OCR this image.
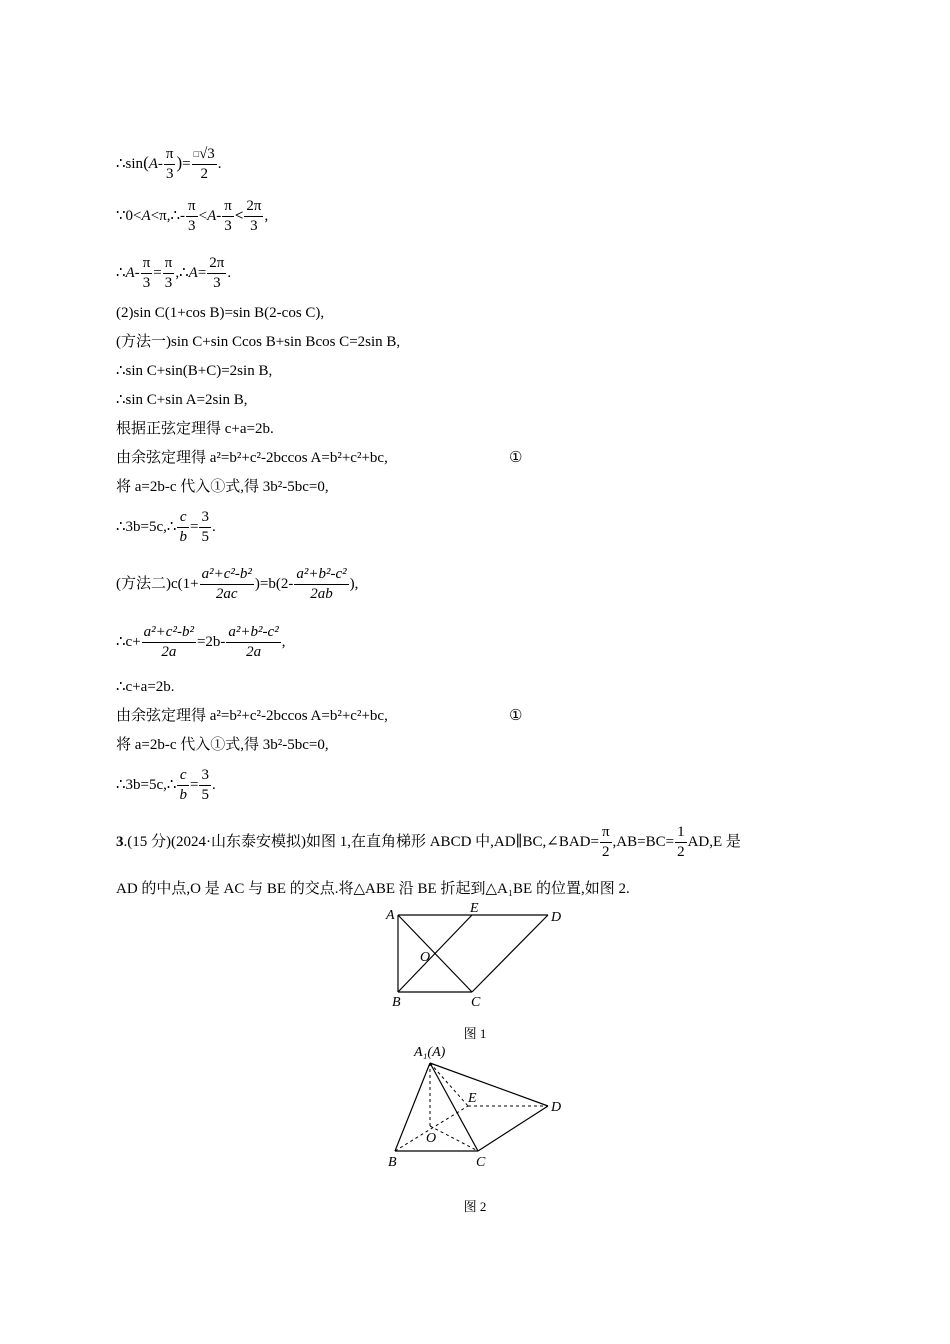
∴sin(A- $\frac{\pi}{3}$ )= $\frac{^□√3}{2}$ .
∵0<A<π,∴- $\frac{\pi}{3} <A- \frac{\pi}{3} < \frac{2\pi}{3}$ ,
∴A- $\frac{\pi}{3} = \frac{\pi}{3}$ ,∴A= $\frac{2\pi}{3}$ .
(2)sin C(1+cos B)=sin B(2-cos C),
(方法一)sin C+sin Ccos B+sin Bcos C=2sin B,
∴sin C+sin(B+C)=2sin B,
∴sin C+sin A=2sin B,
根据正弦定理得 c+a=2b.
由余弦定理得 a²=b²+c²-2bccos A=b²+c²+bc,	①
将 a=2b-c 代入①式,得 3b²-5bc=0,
∴3b=5c,∴ $\frac{c}{b} = \frac{3}{5}$ .
(方法二)$c(1+ \frac{\text{a²+c²-b²}}{2ac} )=b(2- \frac{\text{a²+b²-c²}}{2ab}$ ),
∴c+ $\frac{\text{a²+c²-b²}}{2a} =2b- \frac{\text{a²+b²-c²}}{2a}$ ,
∴c+a=2b.
由余弦定理得 a²=b²+c²-2bccos A=b²+c²+bc,	①
将 a=2b-c 代入①式,得 3b²-5bc=0,
∴3b=5c,∴ $\frac{c}{b} = \frac{3}{5}$ .
3.(15 分)(2024·山东泰安模拟)如图 1,在直角梯形 ABCD 中,AD∥BC,∠BAD= $\frac{\pi}{2} ,AB=BC= \frac{1}{2} AD,E$ 是
AD 的中点,O 是 AC 与 BE 的交点.将△ABE 沿 BE 折起到△A₁BE 的位置,如图 2.
A	E
D
O
B	C
图 1
A₁(A)
E
D
O
B	C
图 2
